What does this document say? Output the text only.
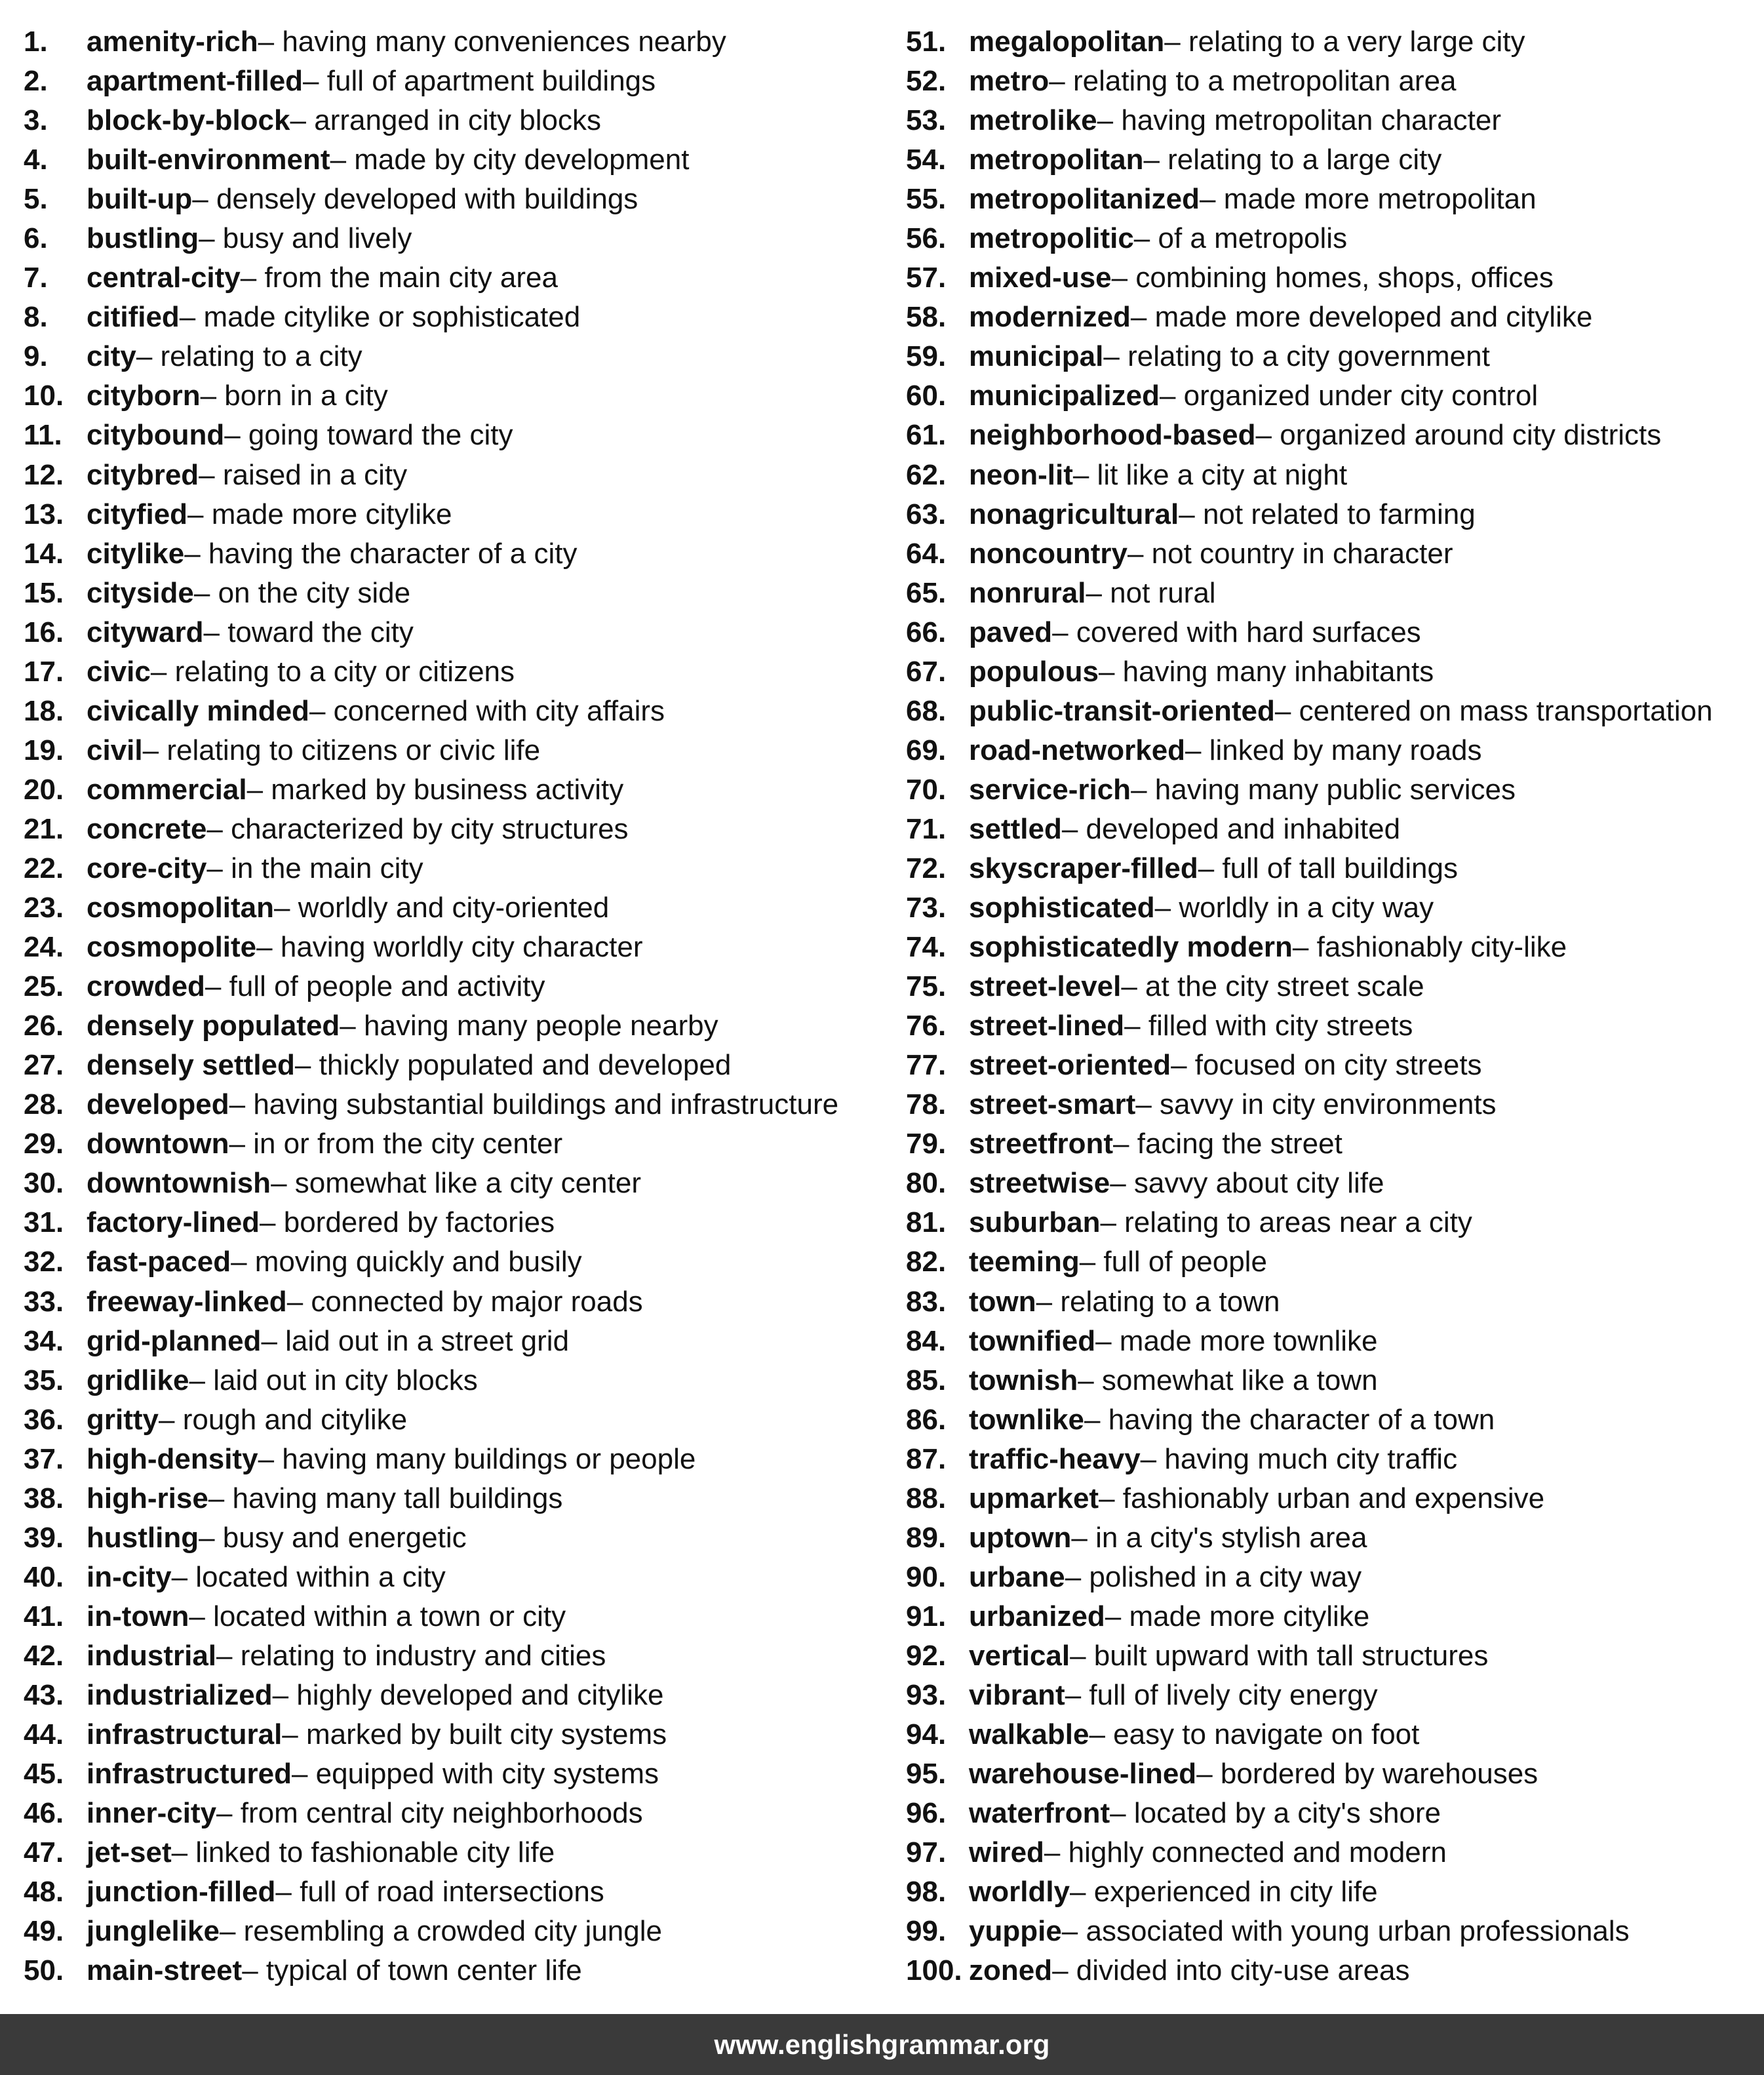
1.	amenity-rich – having many conveniences nearby
2.	apartment-filled – full of apartment buildings
3.	block-by-block – arranged in city blocks
4.	built-environment – made by city development
5.	built-up – densely developed with buildings
6.	bustling – busy and lively
7.	central-city – from the main city area
8.	citified – made citylike or sophisticated
9.	city – relating to a city
10. cityborn – born in a city
11. citybound – going toward the city
12. citybred – raised in a city
13. cityfied – made more citylike
14. citylike – having the character of a city
15. cityside – on the city side
16. cityward – toward the city
17. civic – relating to a city or citizens
18. civically minded – concerned with city affairs
19. civil – relating to citizens or civic life
20. commercial – marked by business activity
21. concrete – characterized by city structures
22. core-city – in the main city
23. cosmopolitan – worldly and city-oriented
24. cosmopolite – having worldly city character
25. crowded – full of people and activity
26. densely populated – having many people nearby
27. densely settled – thickly populated and developed
28. developed – having substantial buildings and infrastructure
29. downtown – in or from the city center
30. downtownish – somewhat like a city center
31. factory-lined – bordered by factories
32. fast-paced – moving quickly and busily
33. freeway-linked – connected by major roads
34. grid-planned – laid out in a street grid
35. gridlike – laid out in city blocks
36. gritty – rough and citylike
37. high-density – having many buildings or people
38. high-rise – having many tall buildings
39. hustling – busy and energetic
40. in-city – located within a city
41. in-town – located within a town or city
42. industrial – relating to industry and cities
43. industrialized – highly developed and citylike
44. infrastructural – marked by built city systems
45. infrastructured – equipped with city systems
46. inner-city – from central city neighborhoods
47. jet-set – linked to fashionable city life
48. junction-filled – full of road intersections
49. junglelike – resembling a crowded city jungle
50. main-street – typical of town center life
51. megalopolitan – relating to a very large city
52. metro – relating to a metropolitan area
53. metrolike – having metropolitan character
54. metropolitan – relating to a large city
55. metropolitanized – made more metropolitan
56. metropolitic – of a metropolis
57. mixed-use – combining homes, shops, offices
58. modernized – made more developed and citylike
59. municipal – relating to a city government
60. municipalized – organized under city control
61. neighborhood-based – organized around city districts
62. neon-lit – lit like a city at night
63. nonagricultural – not related to farming
64. noncountry – not country in character
65. nonrural – not rural
66. paved – covered with hard surfaces
67. populous – having many inhabitants
68. public-transit-oriented – centered on mass transportation
69. road-networked – linked by many roads
70. service-rich – having many public services
71. settled – developed and inhabited
72. skyscraper-filled – full of tall buildings
73. sophisticated – worldly in a city way
74. sophisticatedly modern – fashionably city-like
75. street-level – at the city street scale
76. street-lined – filled with city streets
77. street-oriented – focused on city streets
78. street-smart – savvy in city environments
79. streetfront – facing the street
80. streetwise – savvy about city life
81. suburban – relating to areas near a city
82. teeming – full of people
83. town – relating to a town
84. townified – made more townlike
85. townish – somewhat like a town
86. townlike – having the character of a town
87. traffic-heavy – having much city traffic
88. upmarket – fashionably urban and expensive
89. uptown – in a city's stylish area
90. urbane – polished in a city way
91. urbanized – made more citylike
92. vertical – built upward with tall structures
93. vibrant – full of lively city energy
94. walkable – easy to navigate on foot
95. warehouse-lined – bordered by warehouses
96. waterfront – located by a city's shore
97. wired – highly connected and modern
98. worldly – experienced in city life
99. yuppie – associated with young urban professionals
100. zoned – divided into city-use areas
www.englishgrammar.org
